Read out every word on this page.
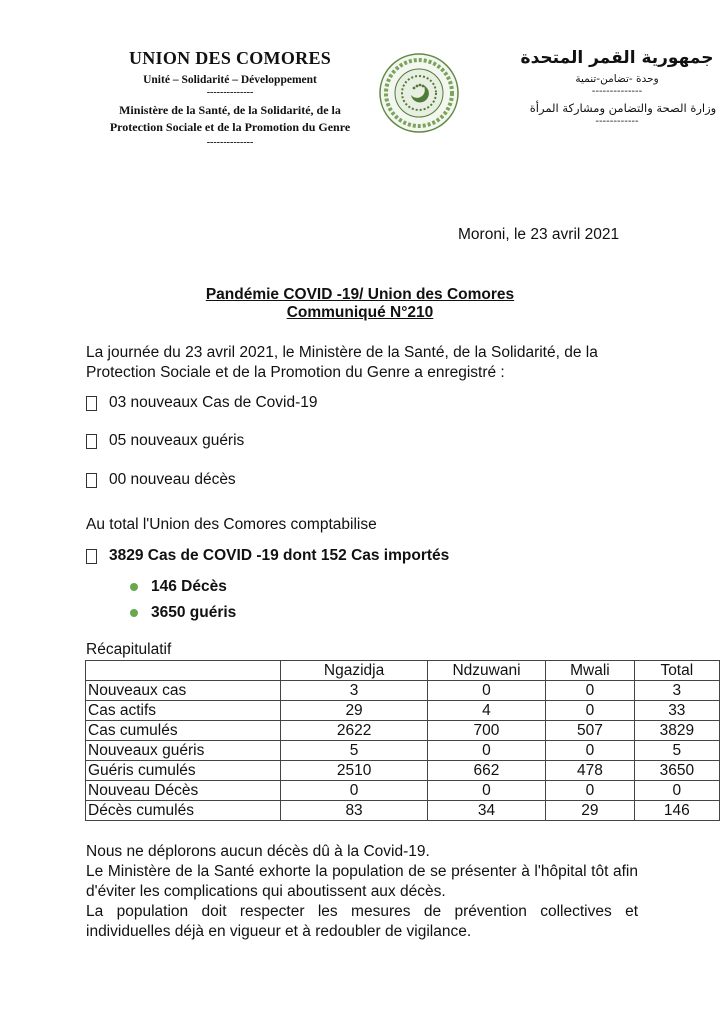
UNION DES COMORES
Unité – Solidarité – Développement
--------------
Ministère de la Santé, de la Solidarité, de la
Protection Sociale et de la Promotion du Genre
--------------
جمهورية القمر المتحدة
وحدة -تضامن-تنمية
--------------
وزارة الصحة والتضامن ومشاركة المرأة
------------
Moroni, le 23 avril 2021
Pandémie COVID -19/ Union des Comores
Communiqué N°210
La journée du 23 avril 2021, le Ministère de la Santé, de la Solidarité, de la Protection Sociale et de la Promotion du Genre a enregistré :
03 nouveaux Cas de Covid-19
05 nouveaux guéris
00 nouveau décès
Au total l'Union des Comores comptabilise
3829 Cas de COVID -19 dont 152 Cas importés
146 Décès
3650 guéris
Récapitulatif
	Ngazidja	Ndzuwani	Mwali	Total
Nouveaux cas	3	0	0	3
Cas actifs	29	4	0	33
Cas cumulés	2622	700	507	3829
Nouveaux guéris	5	0	0	5
Guéris cumulés	2510	662	478	3650
Nouveau Décès	0	0	0	0
Décès cumulés	83	34	29	146

Nous ne déplorons aucun décès dû à la Covid-19.

Le Ministère de la Santé exhorte la population de se présenter à l'hôpital tôt afin d'éviter les complications qui aboutissent aux décès.

La population doit respecter les mesures de prévention collectives et individuelles déjà en vigueur et à redoubler de vigilance.
